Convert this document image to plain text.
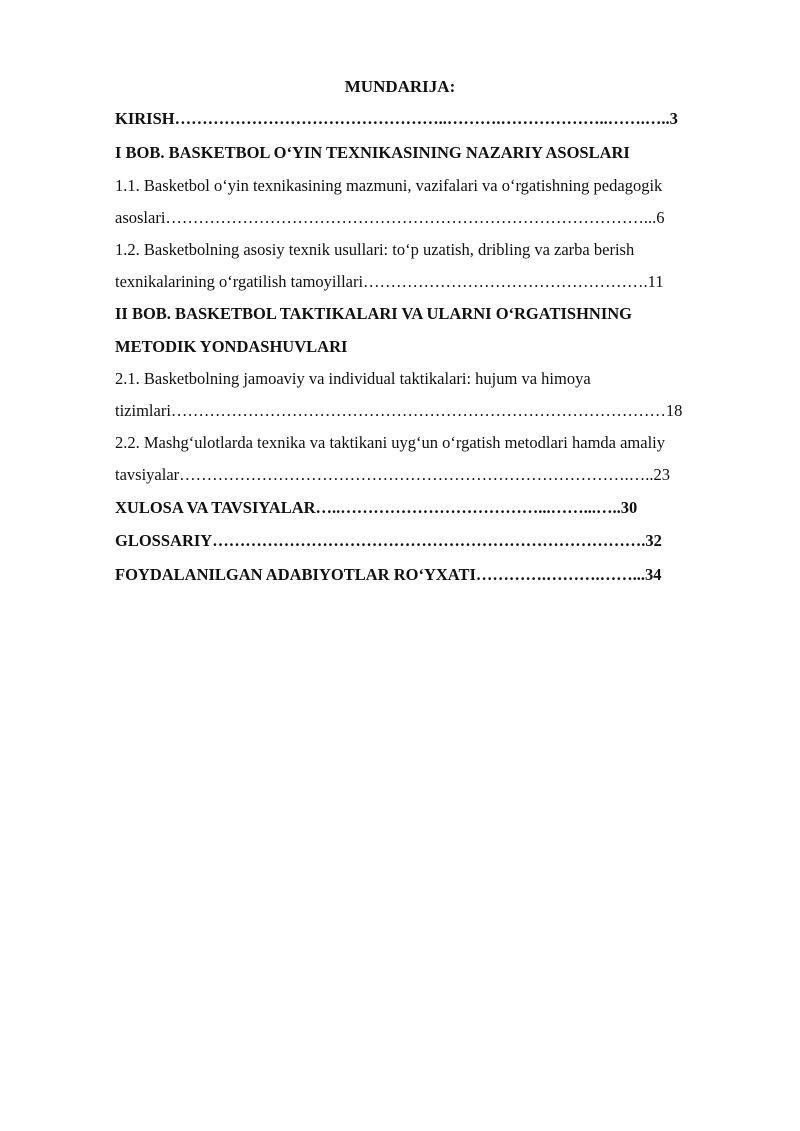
MUNDARIJA:
KIRISH…………………………………………..……….………………..…….…..3
I BOB. BASKETBOL O‘YIN TEXNIKASINING NAZARIY ASOSLARI
1.1. Basketbol o‘yin texnikasining mazmuni, vazifalari va o‘rgatishning pedagogik
asoslari……………………………………………………………………………...6
1.2. Basketbolning asosiy texnik usullari: to‘p uzatish, dribling va zarba berish
texnikalarining o‘rgatilish tamoyillari…………………………………………….11
II BOB. BASKETBOL TAKTIKALARI VA ULARNI O‘RGATISHNING
METODIK YONDASHUVLARI
2.1. Basketbolning jamoaviy va individual taktikalari: hujum va himoya
tizimlari………………………………………………………………………………18
2.2. Mashg‘ulotlarda texnika va taktikani uyg‘un o‘rgatish metodlari hamda amaliy
tavsiyalar……………………………………………………………………….…..23
XULOSA VA TAVSIYALAR…..………………………………...……...…..30
GLOSSARIY…………………………………………………………………….32
FOYDALANILGAN ADABIYOTLAR RO‘YXATI………….……….……...34
